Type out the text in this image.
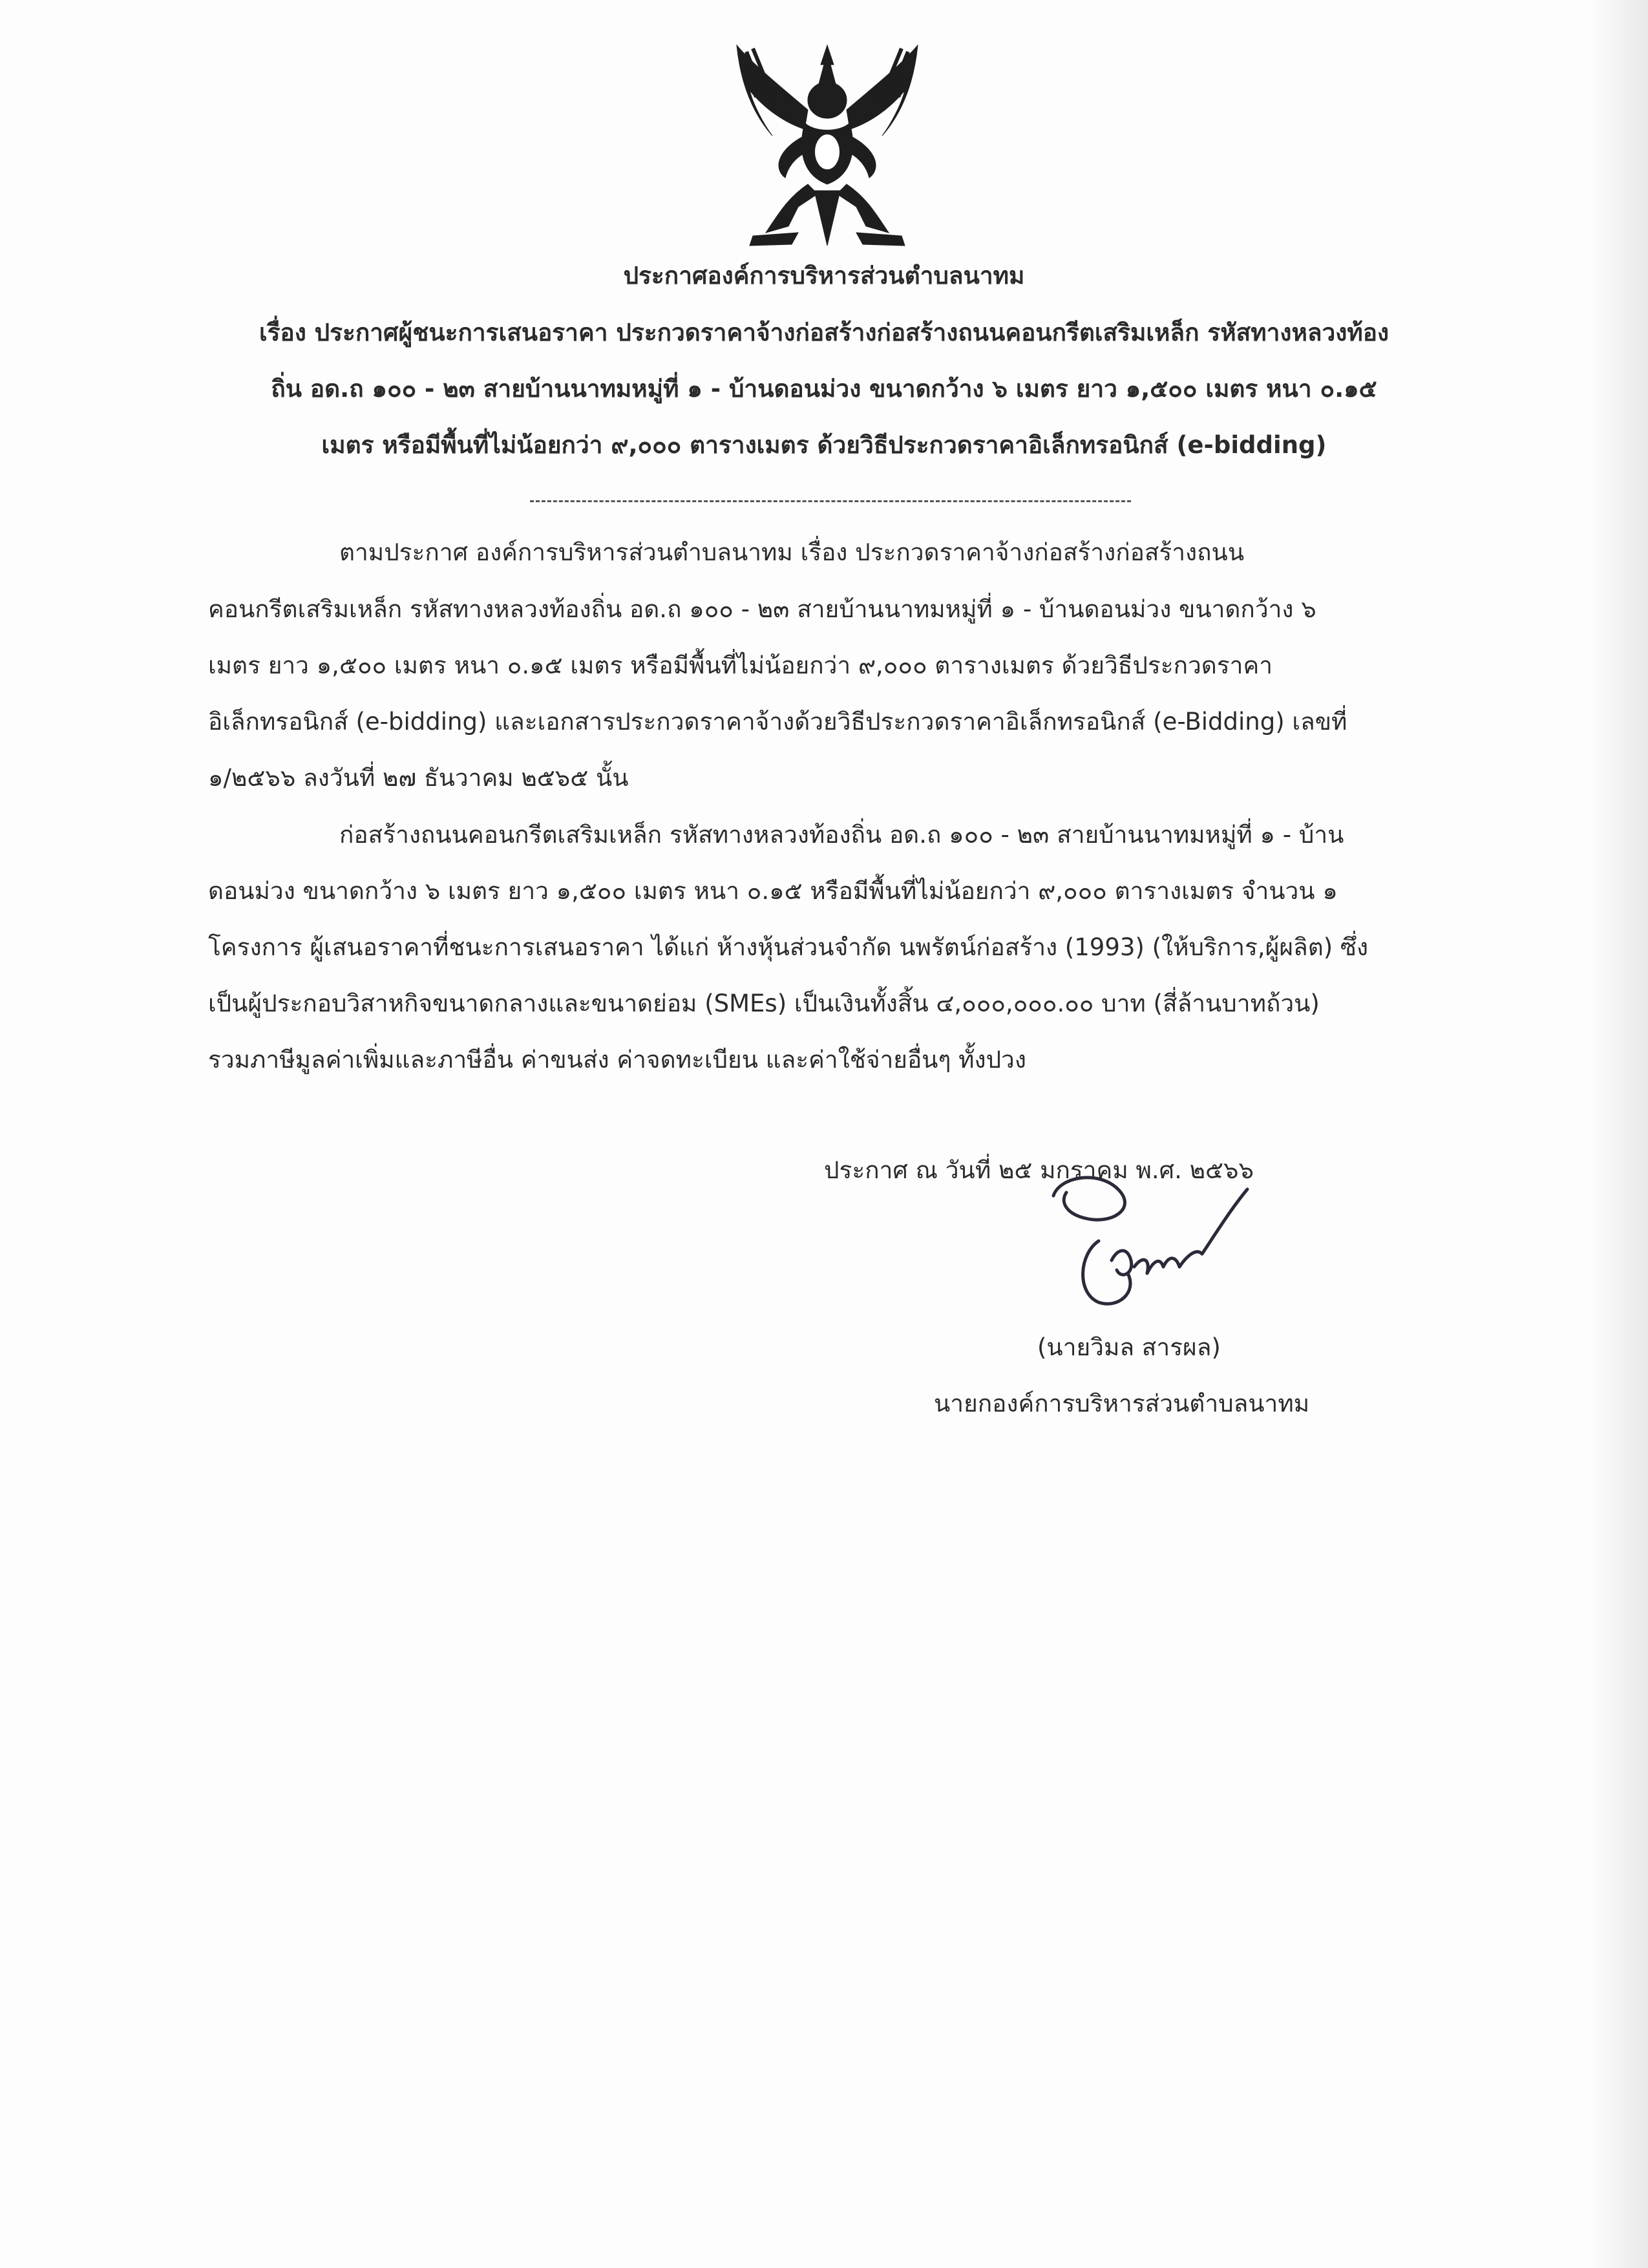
ประกาศองค์การบริหารส่วนตำบลนาทม
เรื่อง ประกาศผู้ชนะการเสนอราคา ประกวดราคาจ้างก่อสร้างก่อสร้างถนนคอนกรีตเสริมเหล็ก รหัสทางหลวงท้อง
ถิ่น อด.ถ ๑๐๐ - ๒๓ สายบ้านนาทมหมู่ที่ ๑ - บ้านดอนม่วง ขนาดกว้าง ๖ เมตร ยาว ๑,๕๐๐ เมตร หนา ๐.๑๕
เมตร หรือมีพื้นที่ไม่น้อยกว่า ๙,๐๐๐ ตารางเมตร ด้วยวิธีประกวดราคาอิเล็กทรอนิกส์ (e-bidding)
ตามประกาศ องค์การบริหารส่วนตำบลนาทม เรื่อง ประกวดราคาจ้างก่อสร้างก่อสร้างถนน
คอนกรีตเสริมเหล็ก รหัสทางหลวงท้องถิ่น อด.ถ ๑๐๐ - ๒๓ สายบ้านนาทมหมู่ที่ ๑ - บ้านดอนม่วง ขนาดกว้าง ๖
เมตร ยาว ๑,๕๐๐ เมตร หนา ๐.๑๕ เมตร หรือมีพื้นที่ไม่น้อยกว่า ๙,๐๐๐ ตารางเมตร ด้วยวิธีประกวดราคา
อิเล็กทรอนิกส์ (e-bidding) และเอกสารประกวดราคาจ้างด้วยวิธีประกวดราคาอิเล็กทรอนิกส์ (e-Bidding) เลขที่
๑/๒๕๖๖ ลงวันที่ ๒๗ ธันวาคม ๒๕๖๕ นั้น
ก่อสร้างถนนคอนกรีตเสริมเหล็ก รหัสทางหลวงท้องถิ่น อด.ถ ๑๐๐ - ๒๓ สายบ้านนาทมหมู่ที่ ๑ - บ้าน
ดอนม่วง ขนาดกว้าง ๖ เมตร ยาว ๑,๕๐๐ เมตร หนา ๐.๑๕ หรือมีพื้นที่ไม่น้อยกว่า ๙,๐๐๐ ตารางเมตร จำนวน ๑
โครงการ ผู้เสนอราคาที่ชนะการเสนอราคา ได้แก่ ห้างหุ้นส่วนจำกัด นพรัตน์ก่อสร้าง (1993) (ให้บริการ,ผู้ผลิต) ซึ่ง
เป็นผู้ประกอบวิสาหกิจขนาดกลางและขนาดย่อม (SMEs) เป็นเงินทั้งสิ้น ๔,๐๐๐,๐๐๐.๐๐ บาท (สี่ล้านบาทถ้วน)
รวมภาษีมูลค่าเพิ่มและภาษีอื่น ค่าขนส่ง ค่าจดทะเบียน และค่าใช้จ่ายอื่นๆ ทั้งปวง
ประกาศ ณ วันที่ ๒๕ มกราคม พ.ศ. ๒๕๖๖
(นายวิมล สารผล)
นายกองค์การบริหารส่วนตำบลนาทม
